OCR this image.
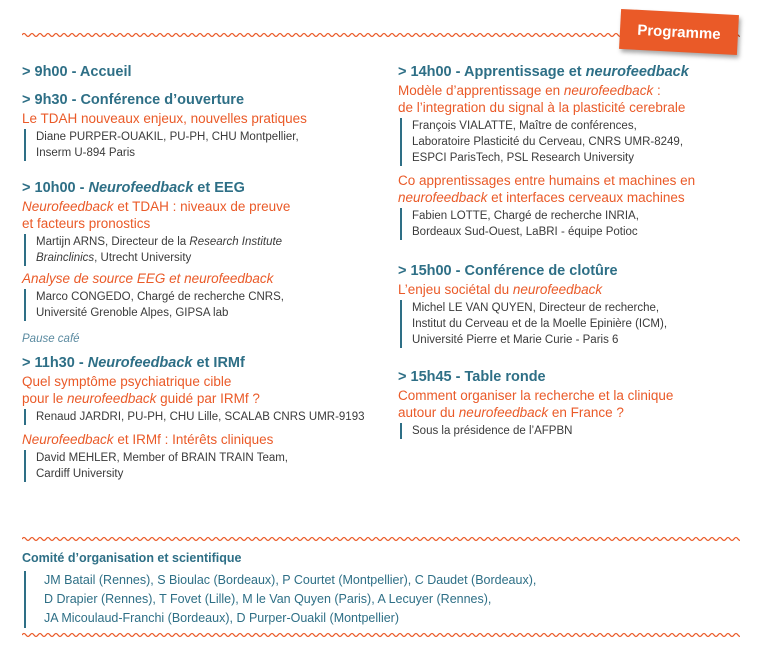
Programme
> 9h00 - Accueil
> 9h30 - Conférence d’ouverture
Le TDAH nouveaux enjeux, nouvelles pratiques
Diane PURPER-OUAKIL, PU-PH, CHU Montpellier,
Inserm U-894 Paris
> 10h00 - Neurofeedback et EEG
Neurofeedback et TDAH : niveaux de preuve
et facteurs pronostics
Martijn ARNS, Directeur de la Research Institute
Brainclinics, Utrecht University
Analyse de source EEG et neurofeedback
Marco CONGEDO, Chargé de recherche CNRS,
Université Grenoble Alpes, GIPSA lab
Pause café
> 11h30 - Neurofeedback et IRMf
Quel symptôme psychiatrique cible
pour le neurofeedback guidé par IRMf ?
Renaud JARDRI, PU-PH, CHU Lille, SCALAB CNRS UMR-9193
Neurofeedback et IRMf : Intérêts cliniques
David MEHLER, Member of BRAIN TRAIN Team,
Cardiff University
> 14h00 - Apprentissage et neurofeedback
Modèle d’apprentissage en neurofeedback :
de l’integration du signal à la plasticité cerebrale
François VIALATTE, Maître de conférences,
Laboratoire Plasticité du Cerveau, CNRS UMR-8249,
ESPCI ParisTech, PSL Research University
Co apprentissages entre humains et machines en
neurofeedback et interfaces cerveaux machines
Fabien LOTTE, Chargé de recherche INRIA,
Bordeaux Sud-Ouest, LaBRI - équipe Potioc
> 15h00 - Conférence de clotûre
L’enjeu sociétal du neurofeedback
Michel LE VAN QUYEN, Directeur de recherche,
Institut du Cerveau et de la Moelle Epinière (ICM),
Université Pierre et Marie Curie - Paris 6
> 15h45 - Table ronde
Comment organiser la recherche et la clinique
autour du neurofeedback en France ?
Sous la présidence de l’AFPBN
Comité d’organisation et scientifique
JM Batail (Rennes), S Bioulac (Bordeaux), P Courtet (Montpellier), C Daudet (Bordeaux),
D Drapier (Rennes), T Fovet (Lille), M le Van Quyen (Paris), A Lecuyer (Rennes),
JA Micoulaud-Franchi (Bordeaux), D Purper-Ouakil (Montpellier)
